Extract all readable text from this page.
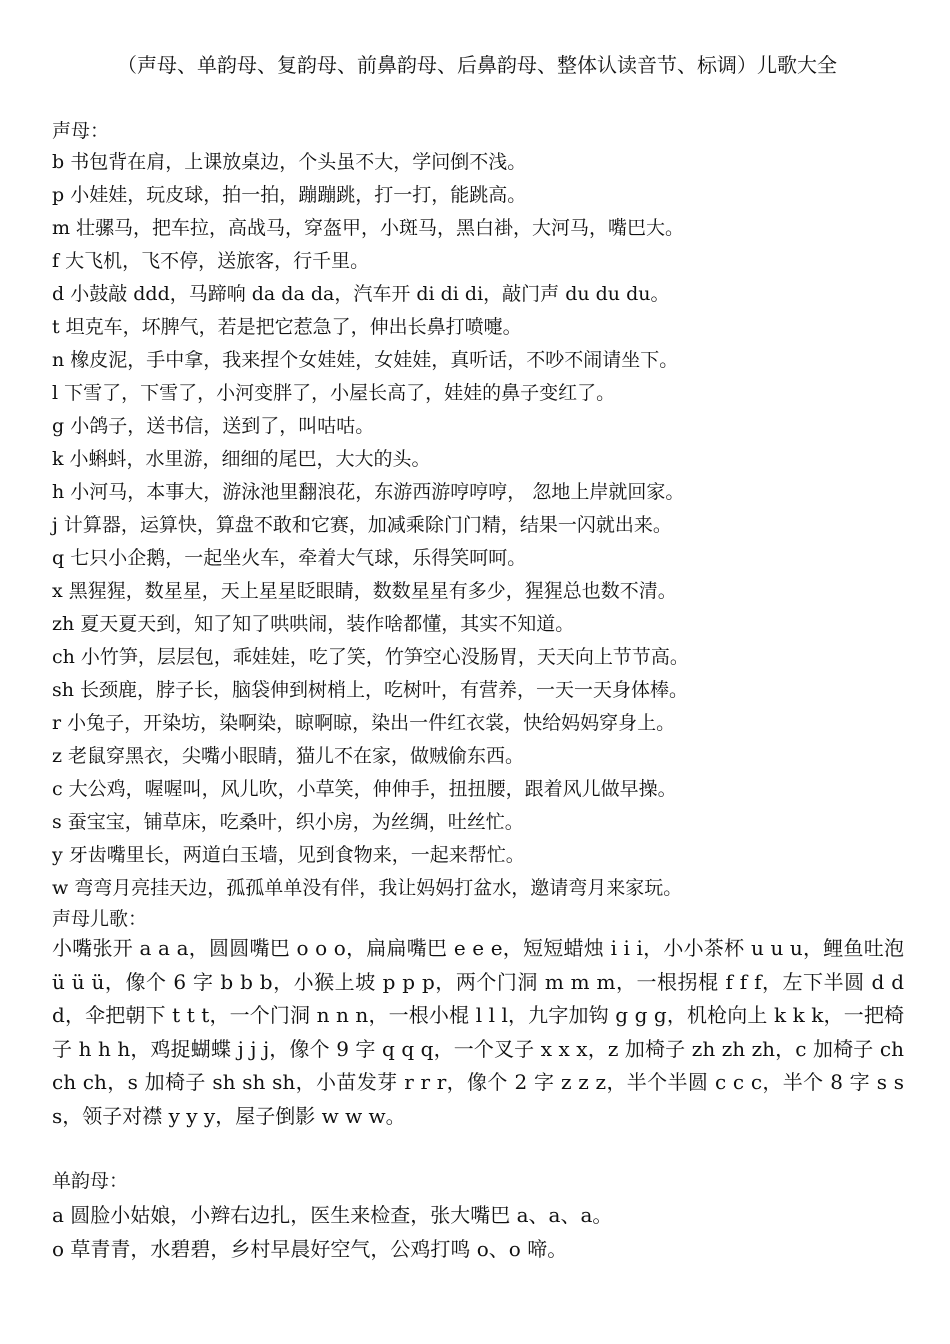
（声母、单韵母、复韵母、前鼻韵母、后鼻韵母、整体认读音节、标调）儿歌大全
声母：
b 书包背在肩，上课放桌边，个头虽不大，学问倒不浅。
p 小娃娃，玩皮球，拍一拍，蹦蹦跳，打一打，能跳高。
m 壮骡马，把车拉，高战马，穿盔甲，小斑马，黑白褂，大河马，嘴巴大。
f 大飞机，飞不停，送旅客，行千里。
d 小鼓敲 ddd，马蹄响 da da da，汽车开 di di di，敲门声 du du du。
t 坦克车，坏脾气，若是把它惹急了，伸出长鼻打喷嚏。
n 橡皮泥，手中拿，我来捏个女娃娃，女娃娃，真听话，不吵不闹请坐下。
l 下雪了，下雪了，小河变胖了，小屋长高了，娃娃的鼻子变红了。
g 小鸽子，送书信，送到了，叫咕咕。
k 小蝌蚪，水里游，细细的尾巴，大大的头。
h 小河马，本事大，游泳池里翻浪花，东游西游哼哼哼， 忽地上岸就回家。
j 计算器，运算快，算盘不敢和它赛，加减乘除门门精，结果一闪就出来。
q 七只小企鹅，一起坐火车，牵着大气球，乐得笑呵呵。
x 黑猩猩，数星星，天上星星眨眼睛，数数星星有多少，猩猩总也数不清。
zh 夏天夏天到，知了知了哄哄闹，装作啥都懂，其实不知道。
ch 小竹笋，层层包，乖娃娃，吃了笑，竹笋空心没肠胃，天天向上节节高。
sh 长颈鹿，脖子长，脑袋伸到树梢上，吃树叶，有营养，一天一天身体棒。
r 小兔子，开染坊，染啊染，晾啊晾，染出一件红衣裳，快给妈妈穿身上。
z 老鼠穿黑衣，尖嘴小眼睛，猫儿不在家，做贼偷东西。
c 大公鸡，喔喔叫，风儿吹，小草笑，伸伸手，扭扭腰，跟着风儿做早操。
s 蚕宝宝，铺草床，吃桑叶，织小房，为丝绸，吐丝忙。
y 牙齿嘴里长，两道白玉墙，见到食物来，一起来帮忙。
w 弯弯月亮挂天边，孤孤单单没有伴，我让妈妈打盆水，邀请弯月来家玩。
声母儿歌：
小嘴张开 a a a，圆圆嘴巴 o o o，扁扁嘴巴 e e e，短短蜡烛 i i i，小小茶杯 u u u，鲤鱼吐泡 ü ü ü，像个 6 字 b b b，小猴上坡 p p p，两个门洞 m m m，一根拐棍 f f f，左下半圆 d d d，伞把朝下 t t t，一个门洞 n n n，一根小棍 l l l，九字加钩 g g g，机枪向上 k k k，一把椅子 h h h，鸡捉蝴蝶 j j j，像个 9 字 q q q，一个叉子 x x x，z 加椅子 zh zh zh，c 加椅子 ch ch ch，s 加椅子 sh sh sh，小苗发芽 r r r，像个 2 字 z z z，半个半圆 c c c，半个 8 字 s s s，领子对襟 y y y，屋子倒影 w w w。
单韵母：
a 圆脸小姑娘，小辫右边扎，医生来检查，张大嘴巴 a、a、a。
o 草青青，水碧碧，乡村早晨好空气，公鸡打鸣 o、o 啼。
